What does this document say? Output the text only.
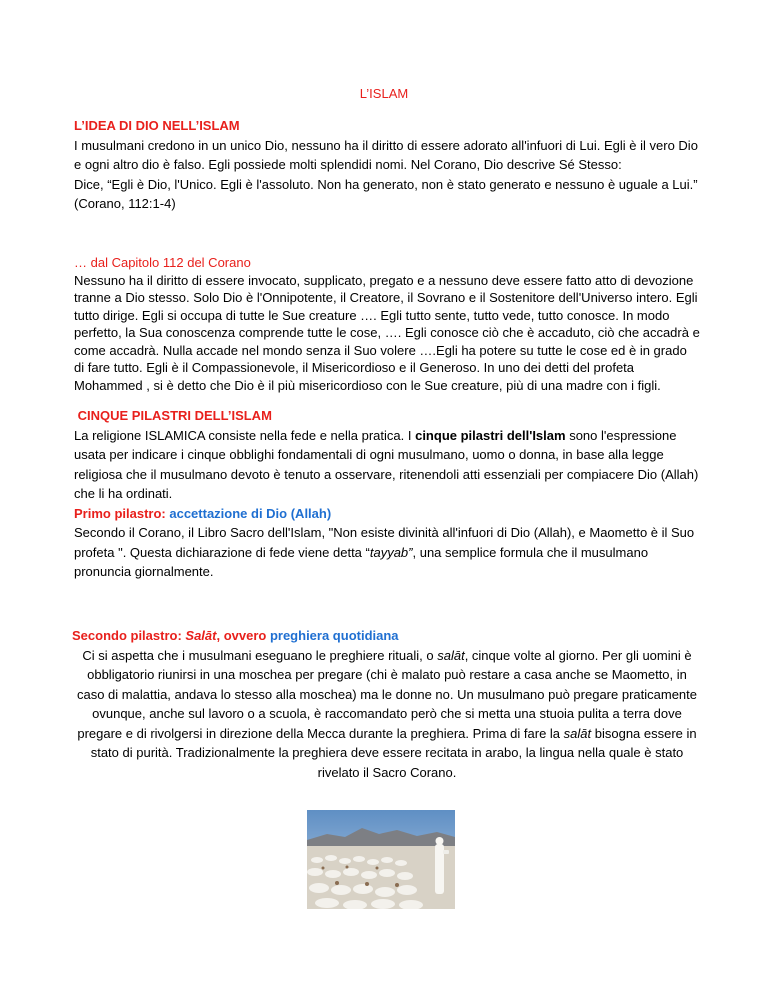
L’ISLAM

L’IDEA DI DIO NELL’ISLAM

I musulmani credono in un unico Dio, nessuno ha il diritto di essere adorato all'infuori di Lui. Egli è il vero Dio e ogni altro dio è falso. Egli possiede molti splendidi nomi. Nel Corano, Dio descrive Sé Stesso:

Dice, “Egli è Dio, l'Unico. Egli è l'assoluto. Non ha generato, non è stato generato e nessuno è uguale a Lui.” (Corano, 112:1-4)

… dal Capitolo 112 del Corano

Nessuno ha il diritto di essere invocato, supplicato, pregato e a nessuno deve essere fatto atto di devozione tranne a Dio stesso. Solo Dio è l'Onnipotente, il Creatore, il Sovrano e il Sostenitore dell'Universo intero. Egli tutto dirige. Egli si occupa di tutte le Sue creature …. Egli tutto sente, tutto vede, tutto conosce. In modo perfetto, la Sua conoscenza comprende tutte le cose, …. Egli conosce ciò che è accaduto, ciò che accadrà e come accadrà. Nulla accade nel mondo senza il Suo volere ….Egli ha potere su tutte le cose ed è in grado di fare tutto. Egli è il Compassionevole, il Misericordioso e il Generoso. In uno dei detti del profeta Mohammed , si è detto che Dio è il più misericordioso con le Sue creature, più di una madre con i figli.

CINQUE PILASTRI DELL’ISLAM

La religione ISLAMICA consiste nella fede e nella pratica. I cinque pilastri dell'Islam sono l'espressione usata per indicare i cinque obblighi fondamentali di ogni musulmano, uomo o donna, in base alla legge religiosa che il musulmano devoto è tenuto a osservare, ritenendoli atti essenziali per compiacere Dio (Allah) che li ha ordinati.

Primo pilastro: accettazione di Dio (Allah)

Secondo il Corano, il Libro Sacro dell'Islam, "Non esiste divinità all'infuori di Dio (Allah), e Maometto è il Suo profeta ". Questa dichiarazione di fede viene detta “tayyab”, una semplice formula che il musulmano pronuncia giornalmente.

Secondo pilastro: Salāt, ovvero preghiera quotidiana

Ci si aspetta che i musulmani eseguano le preghiere rituali, o salāt, cinque volte al giorno. Per gli uomini è obbligatorio riunirsi in una moschea per pregare (chi è malato può restare a casa anche se Maometto, in caso di malattia, andava lo stesso alla moschea) ma le donne no. Un musulmano può pregare praticamente ovunque, anche sul lavoro o a scuola, è raccomandato però che si metta una stuoia pulita a terra dove pregare e di rivolgersi in direzione della Mecca durante la preghiera. Prima di fare la salāt bisogna essere in stato di purità. Tradizionalmente la preghiera deve essere recitata in arabo, la lingua nella quale è stato rivelato il Sacro Corano.
